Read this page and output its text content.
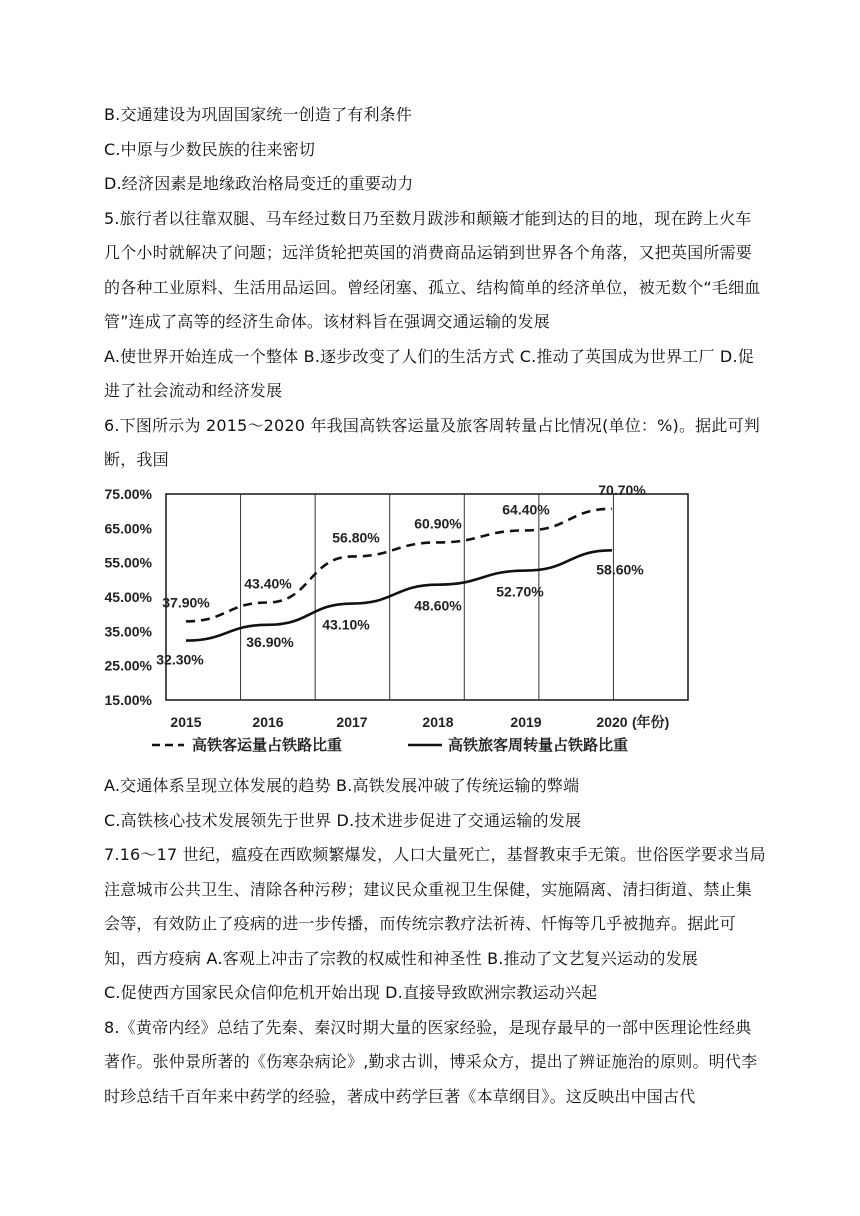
B.交通建设为巩固国家统一创造了有利条件
C.中原与少数民族的往来密切
D.经济因素是地缘政治格局变迁的重要动力
5.旅行者以往靠双腿、马车经过数日乃至数月跋涉和颠簸才能到达的目的地，现在跨上火车
几个小时就解决了问题；远洋货轮把英国的消费商品运销到世界各个角落，又把英国所需要
的各种工业原料、生活用品运回。曾经闭塞、孤立、结构简单的经济单位，被无数个“毛细血
管”连成了高等的经济生命体。该材料旨在强调交通运输的发展
A.使世界开始连成一个整体 B.逐步改变了人们的生活方式 C.推动了英国成为世界工厂 D.促
进了社会流动和经济发展
6.下图所示为 2015～2020 年我国高铁客运量及旅客周转量占比情况(单位：%)。据此可判
断，我国
75.00%
65.00%
55.00%
45.00%
35.00%
25.00%
15.00%
2015	2016	2017	2018	2019	2020 (年份)
37.90%
43.40%
56.80%
60.90%
64.40%
70.70%
32.30%
36.90%
43.10%
48.60%
52.70%
58.60%
高铁客运量占铁路比重	高铁旅客周转量占铁路比重
A.交通体系呈现立体发展的趋势 B.高铁发展冲破了传统运输的弊端
C.高铁核心技术发展领先于世界 D.技术进步促进了交通运输的发展
7.16～17 世纪，瘟疫在西欧频繁爆发，人口大量死亡，基督教束手无策。世俗医学要求当局
注意城市公共卫生、清除各种污秽；建议民众重视卫生保健，实施隔离、清扫街道、禁止集
会等，有效防止了疫病的进一步传播，而传统宗教疗法祈祷、忏悔等几乎被抛弃。据此可
知，西方疫病 A.客观上冲击了宗教的权威性和神圣性 B.推动了文艺复兴运动的发展
C.促使西方国家民众信仰危机开始出现 D.直接导致欧洲宗教运动兴起
8.《黄帝内经》总结了先秦、秦汉时期大量的医家经验，是现存最早的一部中医理论性经典
著作。张仲景所著的《伤寒杂病论》,勤求古训，博采众方，提出了辨证施治的原则。明代李
时珍总结千百年来中药学的经验，著成中药学巨著《本草纲目》。这反映出中国古代
